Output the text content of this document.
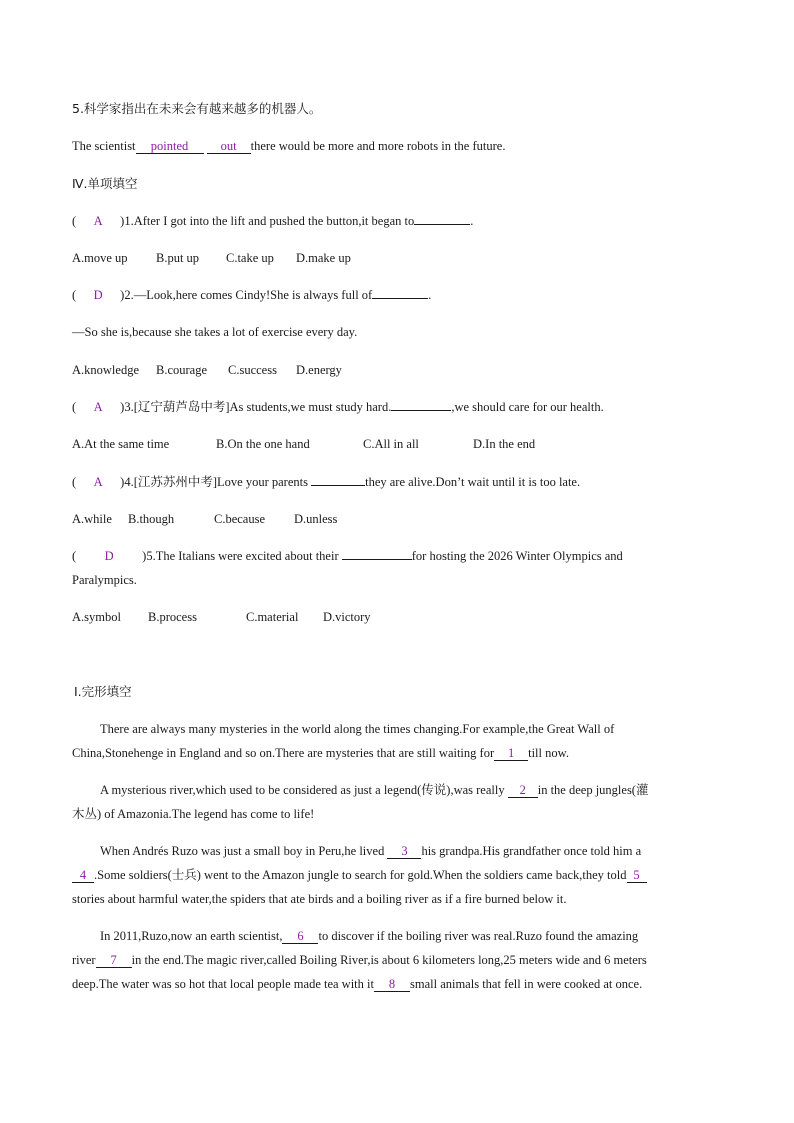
5.科学家指出在未来会有越来越多的机器人。
The scientist pointed	out there would be more and more robots in the future.
Ⅳ.单项填空
( A )1.After I got into the lift and pushed the button,it began to	.
A.move up B.put up C.take up D.make up
( D )2.—Look,here comes Cindy!She is always full of	.
—So she is,because she takes a lot of exercise every day.
A.knowledge B.courage C.success D.energy
( A )3.[辽宁葫芦岛中考]As students,we must study hard.	,we should care for our health.
A.At the same time	B.On the one hand	C.All in all	D.In the end
( A )4.[江苏苏州中考]Love your parents	they are alive.Don’t wait until it is too late.
A.while B.though	C.because D.unless
( D )5.The Italians were excited about their	for hosting the 2026 Winter Olympics and
Paralympics.
A.symbol B.process	C.material D.victory
Ⅰ.完形填空
There are always many mysteries in the world along the times changing.For example,the Great Wall of
China,Stonehenge in England and so on.There are mysteries that are still waiting for 1 till now.
A mysterious river,which used to be considered as just a legend(传说),was really 2 in the deep jungles(灌
木丛) of Amazonia.The legend has come to life!
When Andrés Ruzo was just a small boy in Peru,he lived 3 his grandpa.His grandfather once told him a
4 .Some soldiers(士兵) went to the Amazon jungle to search for gold.When the soldiers came back,they told 5
stories about harmful water,the spiders that ate birds and a boiling river as if a fire burned below it.
In 2011,Ruzo,now an earth scientist, 6 to discover if the boiling river was real.Ruzo found the amazing
river 7 in the end.The magic river,called Boiling River,is about 6 kilometers long,25 meters wide and 6 meters
deep.The water was so hot that local people made tea with it 8 small animals that fell in were cooked at once.
